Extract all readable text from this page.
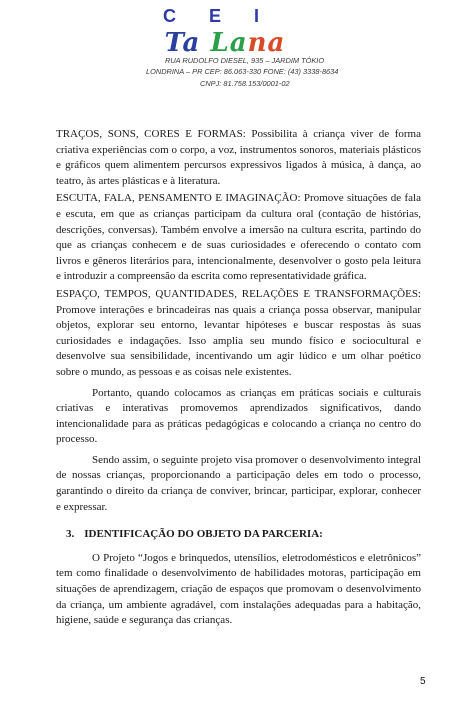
C E I
Ta Lana
RUA RUDOLFO DIESEL, 935 – JARDIM TÓKIO
LONDRINA – PR CEP: 86.063-330 FONE: (43) 3338-8634
CNPJ: 81.758.153/0001-02

TRAÇOS, SONS, CORES E FORMAS: Possibilita à criança viver de forma criativa experiências com o corpo, a voz, instrumentos sonoros, materiais plásticos e gráficos quem alimentem percursos expressivos ligados à música, à dança, ao teatro, às artes plásticas e à literatura.

ESCUTA, FALA, PENSAMENTO E IMAGINAÇÃO: Promove situações de fala e escuta, em que as crianças participam da cultura oral (contação de histórias, descrições, conversas). Também envolve a imersão na cultura escrita, partindo do que as crianças conhecem e de suas curiosidades e oferecendo o contato com livros e gêneros literários para, intencionalmente, desenvolver o gosto pela leitura e introduzir a compreensão da escrita como representatividade gráfica.

ESPAÇO, TEMPOS, QUANTIDADES, RELAÇÕES E TRANSFORMAÇÕES: Promove interações e brincadeiras nas quais a criança possa observar, manipular objetos, explorar seu entorno, levantar hipóteses e buscar respostas às suas curiosidades e indagações. Isso amplia seu mundo físico e sociocultural e desenvolve sua sensibilidade, incentivando um agir lúdico e um olhar poético sobre o mundo, as pessoas e as coisas nele existentes.

Portanto, quando colocamos as crianças em práticas sociais e culturais criativas e interativas promovemos aprendizados significativos, dando intencionalidade para as práticas pedagógicas e colocando a criança no centro do processo.

Sendo assim, o seguinte projeto visa promover o desenvolvimento integral de nossas crianças, proporcionando a participação deles em todo o processo, garantindo o direito da criança de conviver, brincar, participar, explorar, conhecer e expressar.

3. IDENTIFICAÇÃO DO OBJETO DA PARCERIA:

O Projeto “Jogos e brinquedos, utensílios, eletrodomésticos e eletrônicos” tem como finalidade o desenvolvimento de habilidades motoras, participação em situações de aprendizagem, criação de espaços que promovam o desenvolvimento da criança, um ambiente agradável, com instalações adequadas para a habitação, higiene, saúde e segurança das crianças.

5
